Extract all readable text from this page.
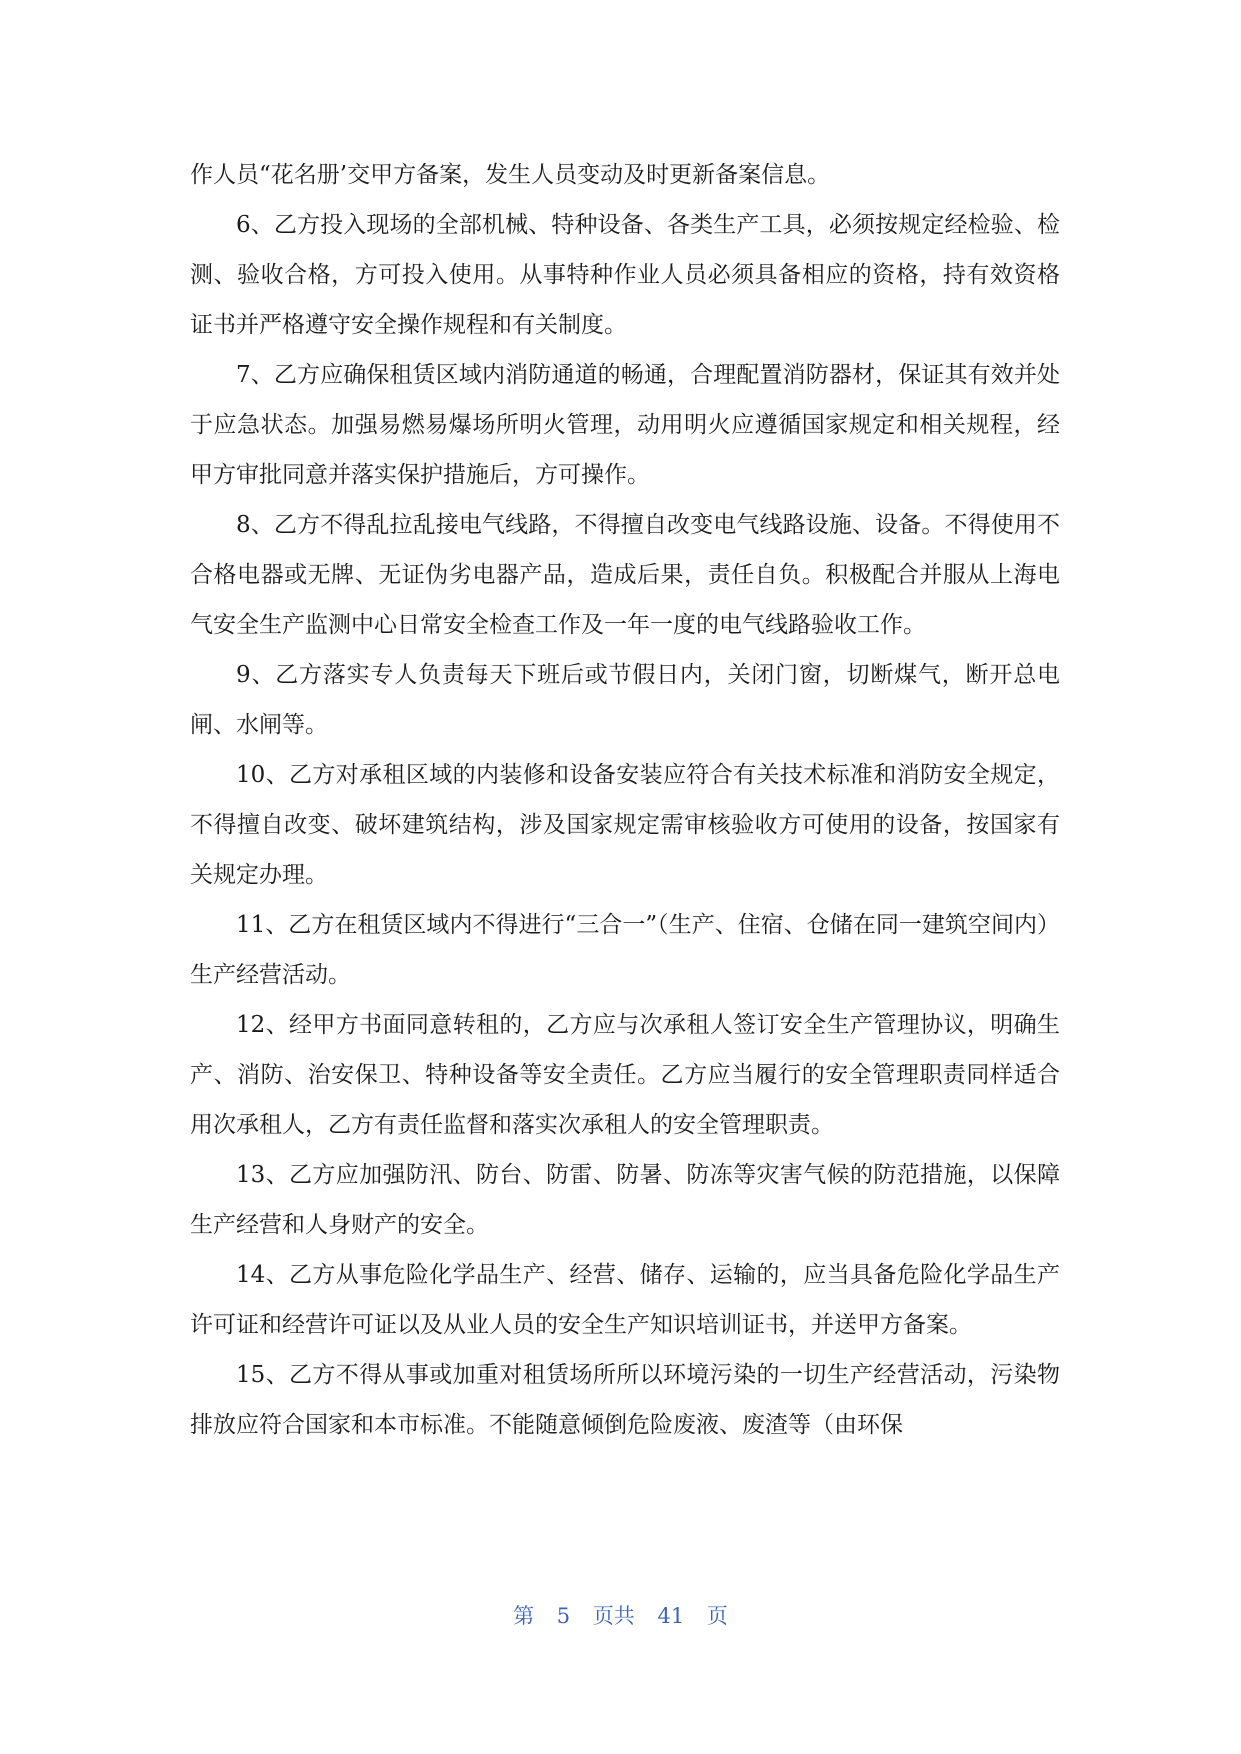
作人员“花名册’交甲方备案，发生人员变动及时更新备案信息。

6、乙方投入现场的全部机械、特种设备、各类生产工具，必须按规定经检验、检测、验收合格，方可投入使用。从事特种作业人员必须具备相应的资格，持有效资格证书并严格遵守安全操作规程和有关制度。

7、乙方应确保租赁区域内消防通道的畅通，合理配置消防器材，保证其有效并处于应急状态。加强易燃易爆场所明火管理，动用明火应遵循国家规定和相关规程，经甲方审批同意并落实保护措施后，方可操作。

8、乙方不得乱拉乱接电气线路，不得擅自改变电气线路设施、设备。不得使用不合格电器或无牌、无证伪劣电器产品，造成后果，责任自负。积极配合并服从上海电气安全生产监测中心日常安全检查工作及一年一度的电气线路验收工作。

9、乙方落实专人负责每天下班后或节假日内，关闭门窗，切断煤气，断开总电闸、水闸等。

10、乙方对承租区域的内装修和设备安装应符合有关技术标准和消防安全规定，不得擅自改变、破坏建筑结构，涉及国家规定需审核验收方可使用的设备，按国家有关规定办理。

11、乙方在租赁区域内不得进行“三合一”（生产、住宿、仓储在同一建筑空间内）生产经营活动。

12、经甲方书面同意转租的，乙方应与次承租人签订安全生产管理协议，明确生产、消防、治安保卫、特种设备等安全责任。乙方应当履行的安全管理职责同样适合用次承租人，乙方有责任监督和落实次承租人的安全管理职责。

13、乙方应加强防汛、防台、防雷、防暑、防冻等灾害气候的防范措施，以保障生产经营和人身财产的安全。

14、乙方从事危险化学品生产、经营、储存、运输的，应当具备危险化学品生产许可证和经营许可证以及从业人员的安全生产知识培训证书，并送甲方备案。

15、乙方不得从事或加重对租赁场所所以环境污染的一切生产经营活动，污染物排放应符合国家和本市标准。不能随意倾倒危险废液、废渣等（由环保

第 5 页共 41 页
